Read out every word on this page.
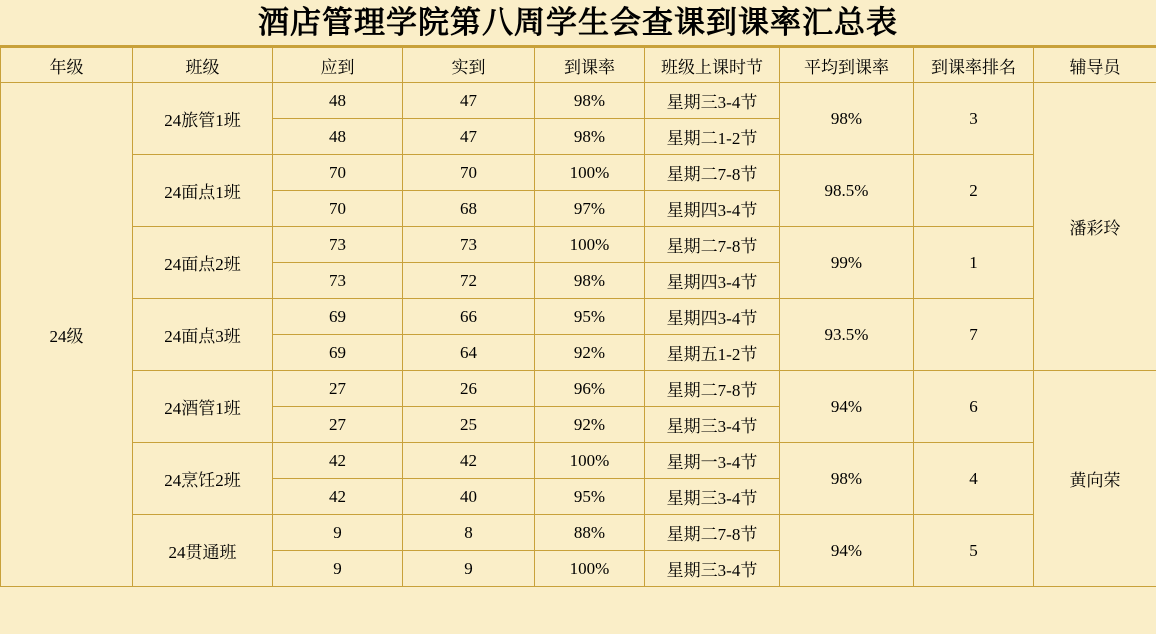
酒店管理学院第八周学生会查课到课率汇总表
年级	班级	应到	实到	到课率	班级上课时节	平均到课率	到课率排名	辅导员
24级	24旅管1班	48	47	98%	星期三3-4节	98%	3	潘彩玲
		48	47	98%	星期二1-2节			
	24面点1班	70	70	100%	星期二7-8节	98.5%	2	
		70	68	97%	星期四3-4节			
	24面点2班	73	73	100%	星期二7-8节	99%	1	
		73	72	98%	星期四3-4节			
	24面点3班	69	66	95%	星期四3-4节	93.5%	7	
		69	64	92%	星期五1-2节			
	24酒管1班	27	26	96%	星期二7-8节	94%	6	黄向荣
		27	25	92%	星期三3-4节			
	24烹饪2班	42	42	100%	星期一3-4节	98%	4	
		42	40	95%	星期三3-4节			
	24贯通班	9	8	88%	星期二7-8节	94%	5	
		9	9	100%	星期三3-4节			
